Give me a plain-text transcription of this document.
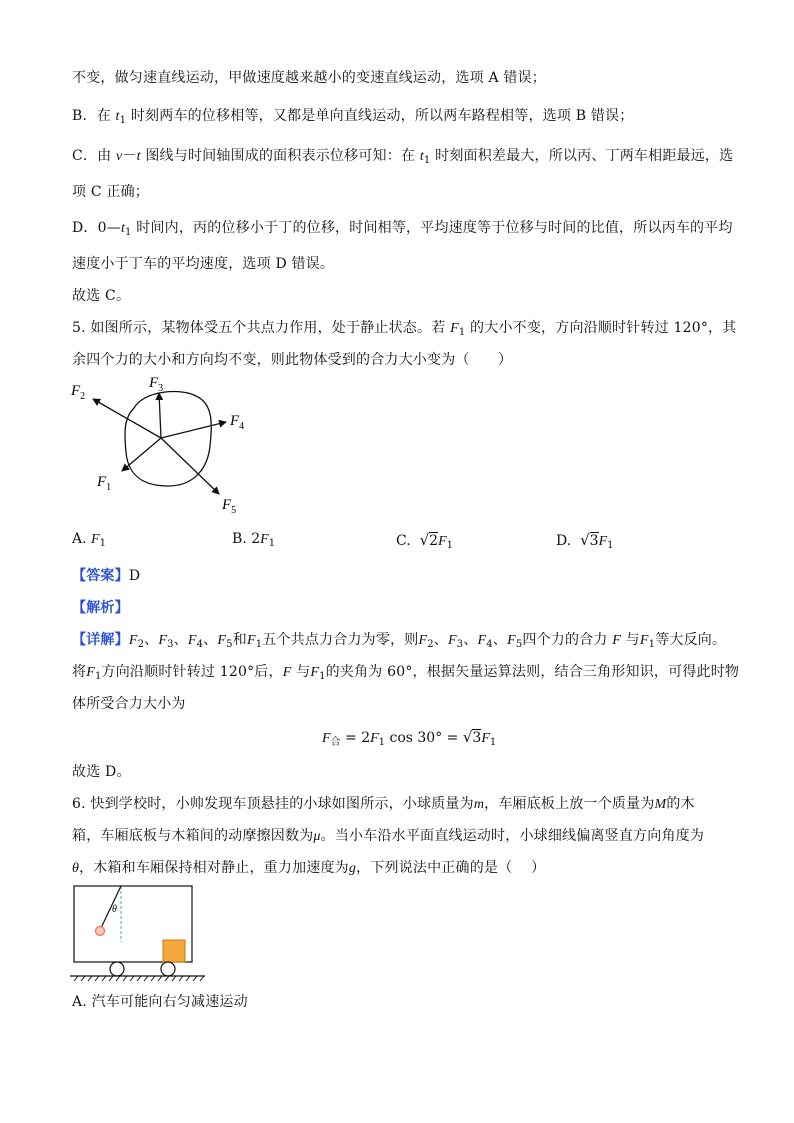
不变，做匀速直线运动，甲做速度越来越小的变速直线运动，选项 A 错误；
B．在 $t_1$ 时刻两车的位移相等，又都是单向直线运动，所以两车路程相等，选项 B 错误；
C．由 v－t 图线与时间轴围成的面积表示位移可知：在 $t_1$ 时刻面积差最大，所以丙、丁两车相距最远，选
项 C 正确；
D．$0—t_1$ 时间内，丙的位移小于丁的位移，时间相等，平均速度等于位移与时间的比值，所以丙车的平均
速度小于丁车的平均速度，选项 D 错误。
故选 C。
5. 如图所示，某物体受五个共点力作用，处于静止状态。若 $F_1$ 的大小不变，方向沿顺时针转过 120°，其
余四个力的大小和方向均不变，则此物体受到的合力大小变为（　　）
$F_2$
$F_3$
$F_4$
$F_1$
$F_5$
A. $F_1$	B. $2F_1$	C. $√2F_1$	D. $√3F_1$
【答案】D
【解析】
【详解】$F_2$、$F_3$、$F_4$、$F_5$和$F_1$五个共点力合力为零，则$F_2$、$F_3$、$F_4$、$F_5$四个力的合力 F 与$F_1$等大反向。
将$F_1$方向沿顺时针转过 120°后，F 与$F_1$的夹角为 60°，根据矢量运算法则，结合三角形知识，可得此时物
体所受合力大小为
$F_合 = 2F_1$ $\cos 30^\circ = √3F_1$
故选 D。
6. 快到学校时，小帅发现车顶悬挂的小球如图所示，小球质量为m，车厢底板上放一个质量为M的木
箱，车厢底板与木箱间的动摩擦因数为μ。当小车沿水平面直线运动时，小球细线偏离竖直方向角度为
θ，木箱和车厢保持相对静止，重力加速度为g，下列说法中正确的是（　 ）
θ
A. 汽车可能向右匀减速运动
